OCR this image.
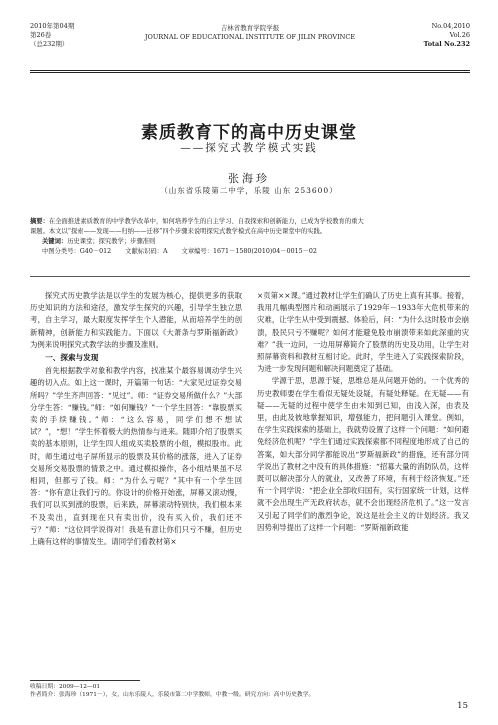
2010年第04期
第26卷
（总232期）
吉林省教育学院学报
JOURNAL OF EDUCATIONAL INSTITUTE OF JILIN PROVINCE
No.04,2010
Vol.26
Total No.232
素质教育下的高中历史课堂
——探究式教学模式实践
张海珍
（山东省乐陵第二中学，乐陵 山东 253600）
摘要：在全面推进素质教育的中学教学改革中，如何培养学生的自主学习、自我探索和创新能力，已成为学校教育的重大
课题。本文以“探索——发现——归纳——迁移”四个步骤来说明探究式教学模式在高中历史课堂中的实践。
关键词：历史课堂；探究教学；步骤准则
中图分类号：G40－012 文献标识码：A 文章编号：1671－1580(2010)04－0015－02

探究式历史教学法是以学生的发展为核心，提供更多的获取历史知识的方法和途径，激发学生探究的兴趣，引导学生独立思考，自主学习，最大限度发挥学生个人潜能，从而培养学生的创新精神，创新能力和实践能力。下面以《大萧条与罗斯福新政》为例来说明探究式教学法的步骤及准则。

一、探索与发现

首先根据教学对象和教学内容，找准某个最容易调动学生兴趣的切入点。如上这一课时，开篇第一句话：“大家见过证券交易所吗？”学生齐声回答：“见过”。师：“证券交易所做什么？”大部分学生答：“赚钱。”师：“如何赚钱？”一个学生回答：“靠股票买卖的手续赚钱。”师：“这么容易，同学们想不想试试？”，“想！”学生怀着极大的热情参与进来。随即介绍了股票买卖的基本原则，让学生四人组成买卖股票的小组，模拟股市。此时，师生通过电子屏所显示的股票及其价格的涨落，进入了证券交易所交易股票的情景之中。通过模拟操作，各小组结果虽不尽相同，但都亏了钱。师：“为什么亏呢？”其中有一个学生回答：“你有意让我们亏的。你设计的价格开始涨，屏幕又滚动慢，我们可以买到涨的股票，后来跌，屏幕滚动特别快，我们根本来不及卖出，直到现在只有卖出价，没有买入价，我们还不亏？”师：“这位同学说得对！我是有意让你们只亏不赚，但历史上确有这样的事情发生。请同学们看教材第×

×页第××课。”通过教材让学生们确认了历史上真有其事。接着，我用几幅典型图片和动画展示了1929年－1933年大危机带来的灾难，让学生从中受到震撼、体验后，问：“为什么这时股市会崩溃，股民只亏不赚呢？如何才能避免股市崩溃带来如此深重的灾难？”我一边问，一边用屏幕简介了股票的历史及功用，让学生对照屏幕资料和教材互相讨论。此时，学生进入了实践探索阶段，为进一步发现问题和解决问题奠定了基础。

学源于思，思源于疑，思维总是从问题开始的。一个优秀的历史教师要在学生看似无疑处设疑，有疑处释疑。在无疑——有疑——无疑的过程中使学生由未知到已知，由浅入深，由表及里，由此及彼地掌握知识，增强能力，把问题引入课堂。例如，在学生实践探索的基础上，我就势设置了这样一个问题：“如何避免经济危机呢？”学生们通过实践探索都不同程度地形成了自己的答案，如大部分同学都能说出“罗斯福新政”的措施，还有部分同学说出了教材之中没有的具体措施：“招募大量的消防队员，这样既可以解决部分人的就业，又改善了环境，有利于经济恢复。”还有一个同学说：“把企业全部收归国有，实行国家统一计划，这样就不会出现生产无政府状态，就不会出现经济危机了。”这一发言又引起了同学们的激烈争论，说这是社会主义的计划经济。我又因势利导提出了这样一个问题：“罗斯福新政能

收稿日期：2009—12—01
作者简介：张海珍（1971－），女，山东乐陵人，乐陵市第二中学教师，中教一级。研究方向：高中历史教学。
15
